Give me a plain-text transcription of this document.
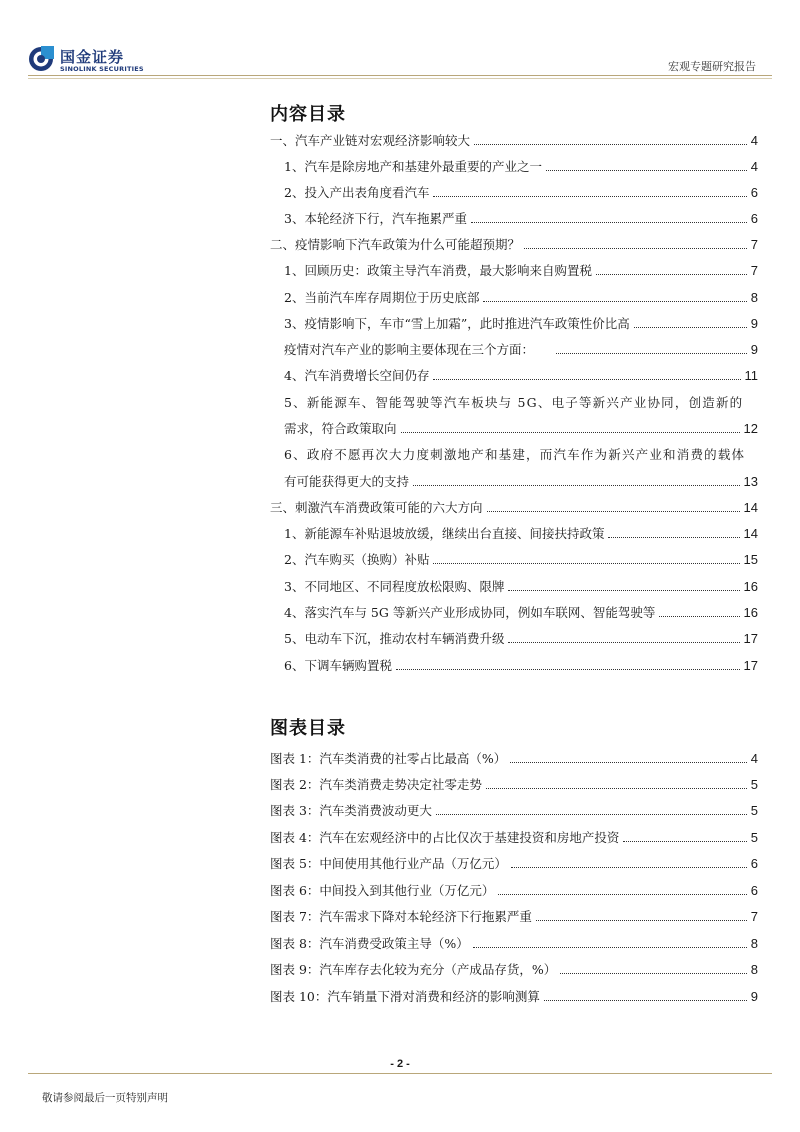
国金证券
SINOLINK SECURITIES	宏观专题研究报告
内容目录
一、汽车产业链对宏观经济影响较大	4
1、汽车是除房地产和基建外最重要的产业之一	4
2、投入产出表角度看汽车	6
3、本轮经济下行，汽车拖累严重	6
二、疫情影响下汽车政策为什么可能超预期？	7
1、回顾历史：政策主导汽车消费，最大影响来自购置税	7
2、当前汽车库存周期位于历史底部	8
3、疫情影响下，车市“雪上加霜”，此时推进汽车政策性价比高	9
疫情对汽车产业的影响主要体现在三个方面：	9
4、汽车消费增长空间仍存	11
5、新能源车、智能驾驶等汽车板块与 5G、电子等新兴产业协同，创造新的
需求，符合政策取向	12
6、政府不愿再次大力度刺激地产和基建，而汽车作为新兴产业和消费的载体
有可能获得更大的支持	13
三、刺激汽车消费政策可能的六大方向	14
1、新能源车补贴退坡放缓，继续出台直接、间接扶持政策	14
2、汽车购买（换购）补贴	15
3、不同地区、不同程度放松限购、限牌	16
4、落实汽车与 5G 等新兴产业形成协同，例如车联网、智能驾驶等	16
5、电动车下沉，推动农村车辆消费升级	17
6、下调车辆购置税	17
图表目录
图表 1：汽车类消费的社零占比最高（%）	4
图表 2：汽车类消费走势决定社零走势	5
图表 3：汽车类消费波动更大	5
图表 4：汽车在宏观经济中的占比仅次于基建投资和房地产投资	5
图表 5：中间使用其他行业产品（万亿元）	6
图表 6：中间投入到其他行业（万亿元）	6
图表 7：汽车需求下降对本轮经济下行拖累严重	7
图表 8：汽车消费受政策主导（%）	8
图表 9：汽车库存去化较为充分（产成品存货，%）	8
图表 10：汽车销量下滑对消费和经济的影响测算	9
- 2 -
敬请参阅最后一页特别声明
